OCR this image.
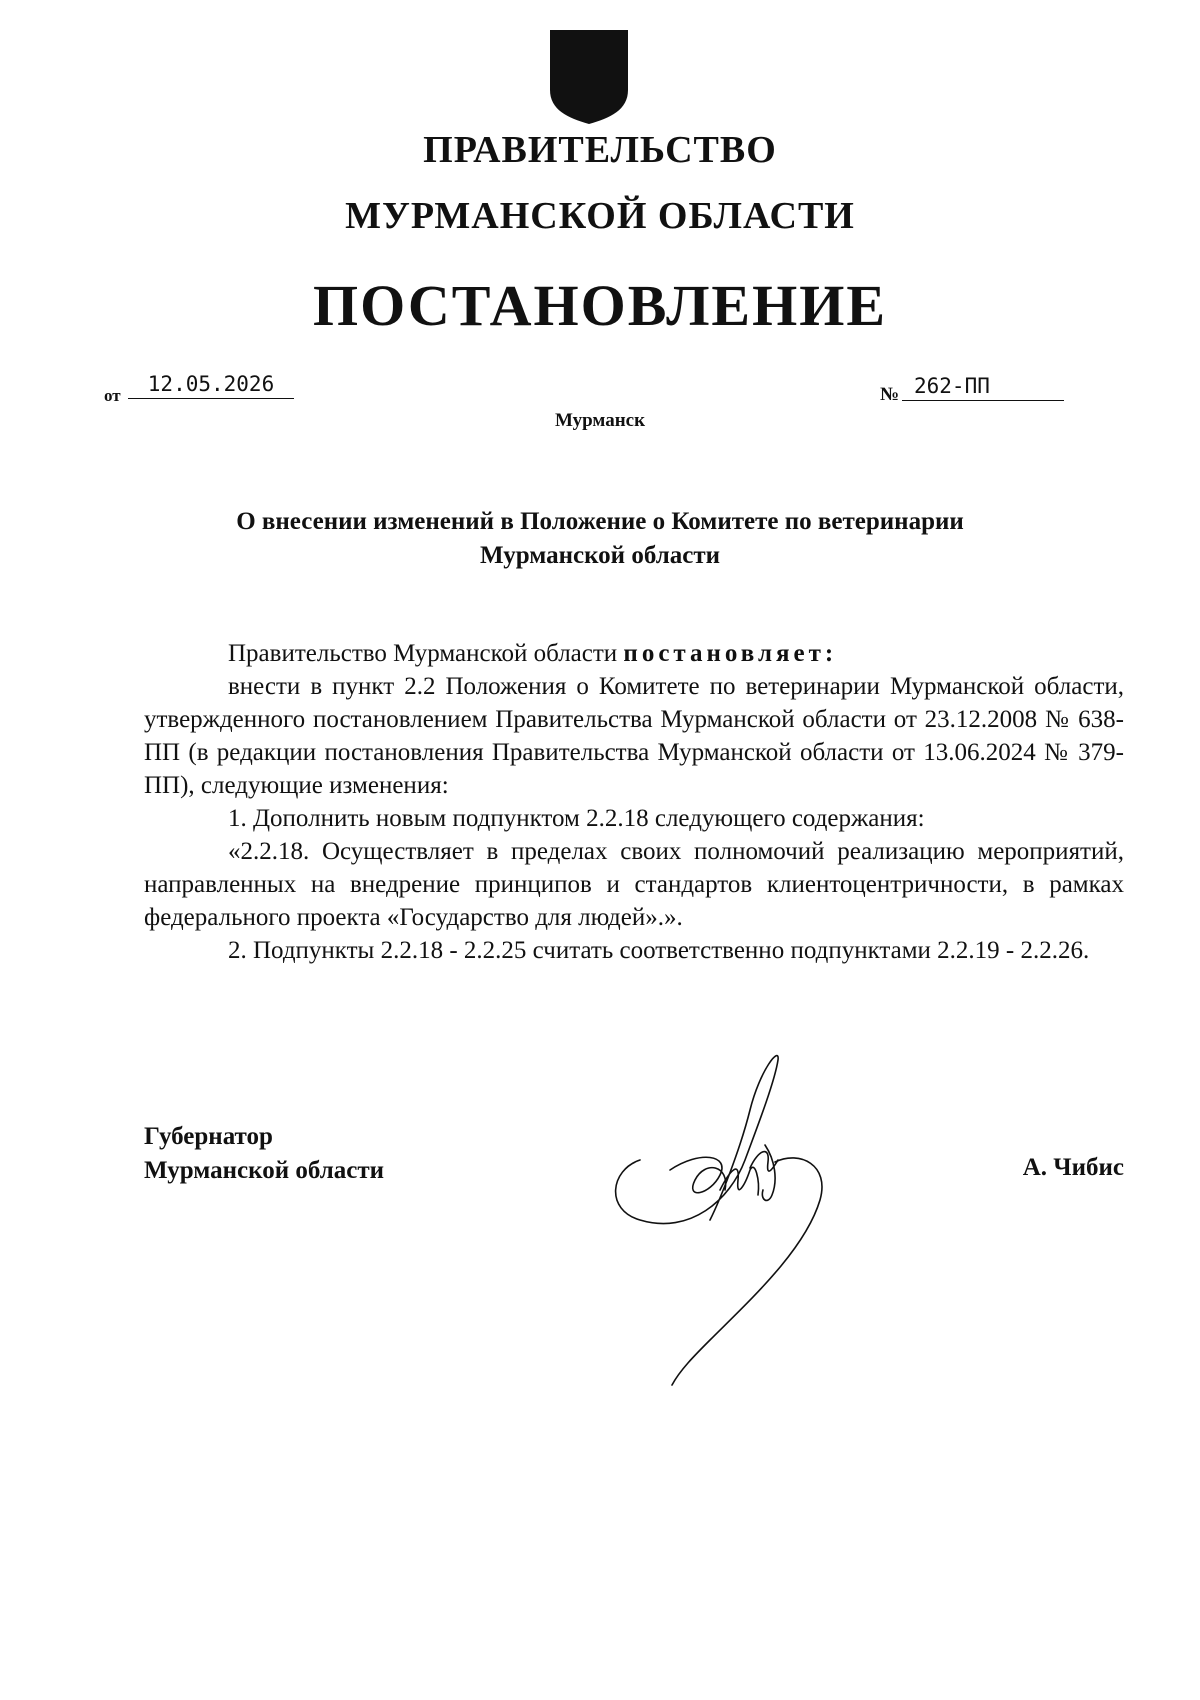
ПРАВИТЕЛЬСТВО
МУРМАНСКОЙ ОБЛАСТИ
ПОСТАНОВЛЕНИЕ
от	12.05.2026	№ 262-ПП
Мурманск
О внесении изменений в Положение о Комитете по ветеринарии
Мурманской области

Правительство Мурманской области постановляет:

внести в пункт 2.2 Положения о Комитете по ветеринарии Мурманской области, утвержденного постановлением Правительства Мурманской области от 23.12.2008 № 638-ПП (в редакции постановления Правительства Мурманской области от 13.06.2024 № 379-ПП), следующие изменения:

1. Дополнить новым подпунктом 2.2.18 следующего содержания:

«2.2.18. Осуществляет в пределах своих полномочий реализацию мероприятий, направленных на внедрение принципов и стандартов клиентоцентричности, в рамках федерального проекта «Государство для людей».».

2. Подпункты 2.2.18 - 2.2.25 считать соответственно подпунктами 2.2.19 - 2.2.26.

Губернатор
Мурманской области	А. Чибис
